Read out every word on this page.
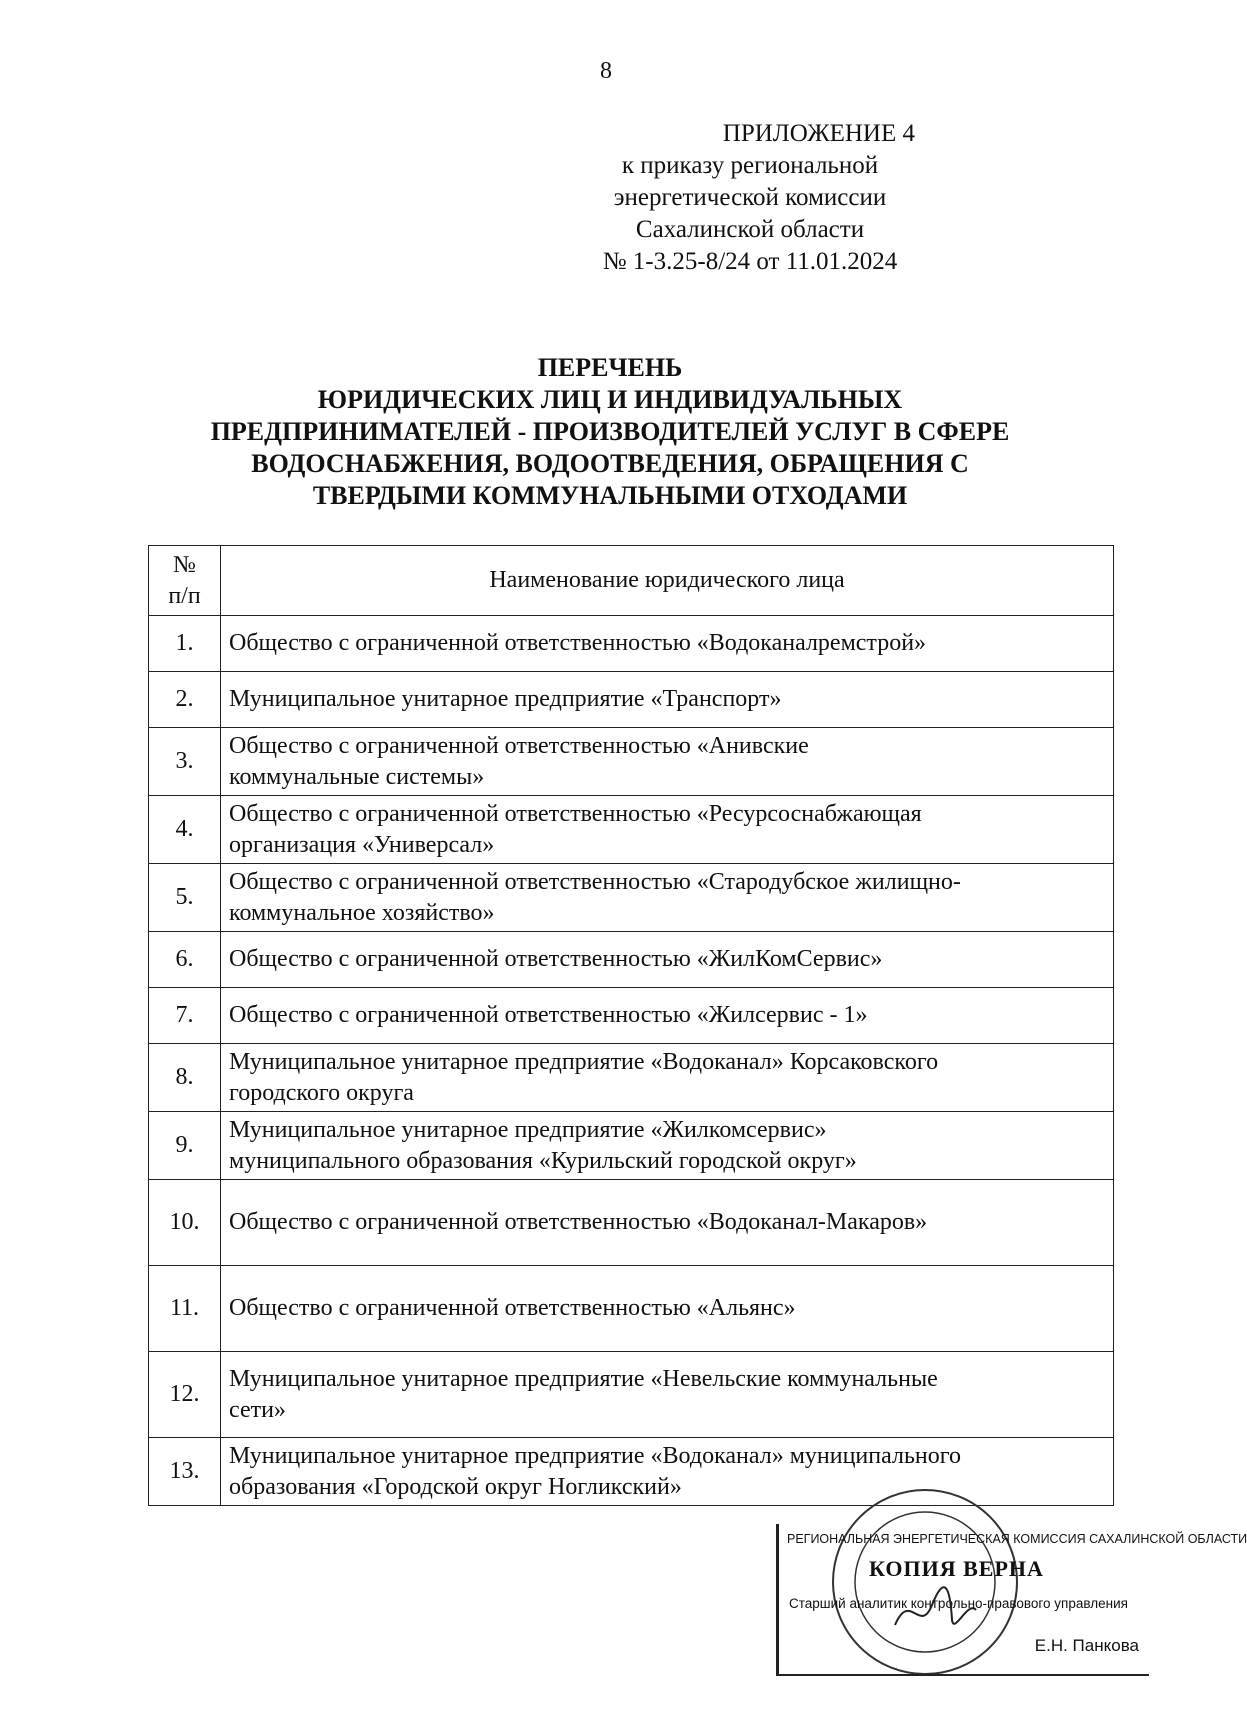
8
ПРИЛОЖЕНИЕ 4
к приказу региональной
энергетической комиссии
Сахалинской области
№ 1-3.25-8/24 от 11.01.2024
ПЕРЕЧЕНЬ
ЮРИДИЧЕСКИХ ЛИЦ И ИНДИВИДУАЛЬНЫХ
ПРЕДПРИНИМАТЕЛЕЙ - ПРОИЗВОДИТЕЛЕЙ УСЛУГ В СФЕРЕ
ВОДОСНАБЖЕНИЯ, ВОДООТВЕДЕНИЯ, ОБРАЩЕНИЯ С
ТВЕРДЫМИ КОММУНАЛЬНЫМИ ОТХОДАМИ
№
п/п	Наименование юридического лица
1.	Общество с ограниченной ответственностью «Водоканалремстрой»

2.	Муниципальное унитарное предприятие «Транспорт»

3.	Общество с ограниченной ответственностью «Анивские
коммунальные системы»

4.	Общество с ограниченной ответственностью «Ресурсоснабжающая
организация «Универсал»

5.	Общество с ограниченной ответственностью «Стародубское жилищно-
коммунальное хозяйство»

6.	Общество с ограниченной ответственностью «ЖилКомСервис»

7.	Общество с ограниченной ответственностью «Жилсервис - 1»

8.	Муниципальное унитарное предприятие «Водоканал» Корсаковского
городского округа

9.	Муниципальное унитарное предприятие «Жилкомсервис»
муниципального образования «Курильский городской округ»

10.	Общество с ограниченной ответственностью «Водоканал-Макаров»

11.	Общество с ограниченной ответственностью «Альянс»

12.	Муниципальное унитарное предприятие «Невельские коммунальные
сети»

13.	Муниципальное унитарное предприятие «Водоканал» муниципального
образования «Городской округ Ногликский»
РЕГИОНАЛЬНАЯ ЭНЕРГЕТИЧЕСКАЯ КОМИССИЯ САХАЛИНСКОЙ ОБЛАСТИ
КОПИЯ ВЕРНА
Старший аналитик контрольно-правового управления
Е.Н. Панкова
